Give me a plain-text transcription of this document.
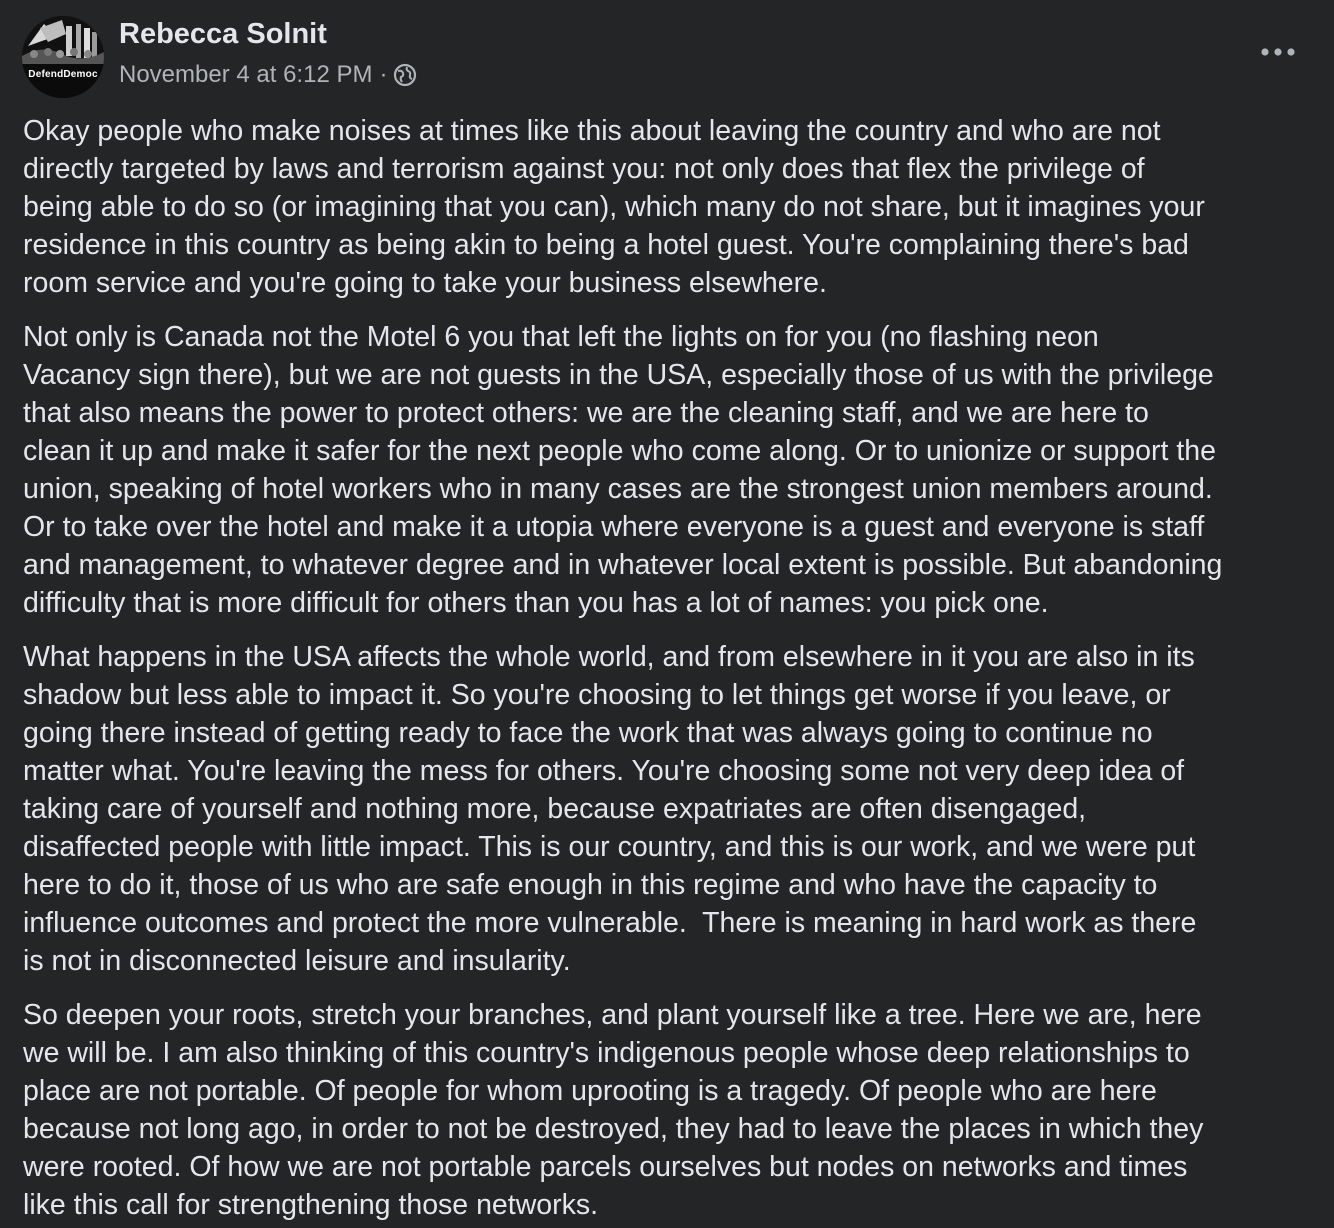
DefendDemoc
Rebecca Solnit
November 4 at 6:12 PM ·

Okay people who make noises at times like this about leaving the country and who are not
directly targeted by laws and terrorism against you: not only does that flex the privilege of
being able to do so (or imagining that you can), which many do not share, but it imagines your
residence in this country as being akin to being a hotel guest. You're complaining there's bad
room service and you're going to take your business elsewhere.

Not only is Canada not the Motel 6 you that left the lights on for you (no flashing neon
Vacancy sign there), but we are not guests in the USA, especially those of us with the privilege
that also means the power to protect others: we are the cleaning staff, and we are here to
clean it up and make it safer for the next people who come along. Or to unionize or support the
union, speaking of hotel workers who in many cases are the strongest union members around.
Or to take over the hotel and make it a utopia where everyone is a guest and everyone is staff
and management, to whatever degree and in whatever local extent is possible. But abandoning
difficulty that is more difficult for others than you has a lot of names: you pick one.

What happens in the USA affects the whole world, and from elsewhere in it you are also in its
shadow but less able to impact it. So you're choosing to let things get worse if you leave, or
going there instead of getting ready to face the work that was always going to continue no
matter what. You're leaving the mess for others. You're choosing some not very deep idea of
taking care of yourself and nothing more, because expatriates are often disengaged,
disaffected people with little impact. This is our country, and this is our work, and we were put
here to do it, those of us who are safe enough in this regime and who have the capacity to
influence outcomes and protect the more vulnerable.  There is meaning in hard work as there
is not in disconnected leisure and insularity.

So deepen your roots, stretch your branches, and plant yourself like a tree. Here we are, here
we will be. I am also thinking of this country's indigenous people whose deep relationships to
place are not portable. Of people for whom uprooting is a tragedy. Of people who are here
because not long ago, in order to not be destroyed, they had to leave the places in which they
were rooted. Of how we are not portable parcels ourselves but nodes on networks and times
like this call for strengthening those networks.
